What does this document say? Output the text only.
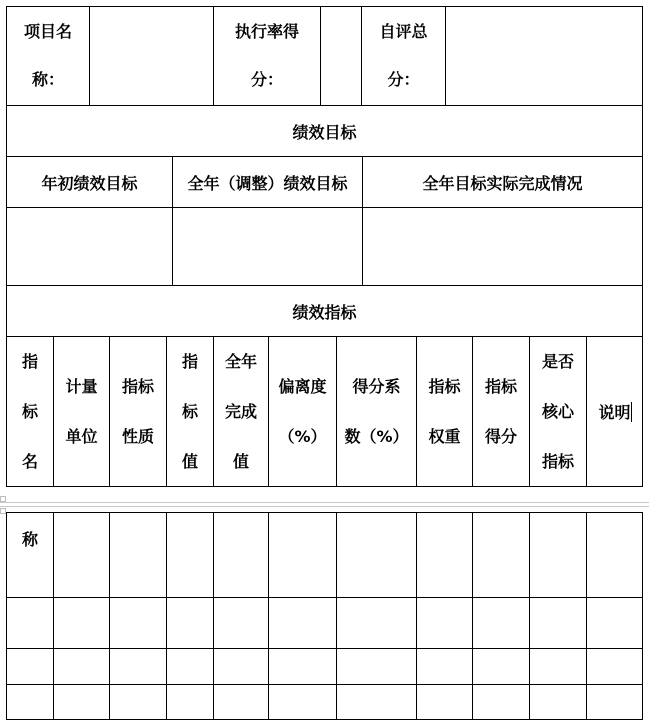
项目名
称：
执行率得
分：
自评总
分：
绩效目标
年初绩效目标	全年（调整）绩效目标	全年目标实际完成情况
绩效指标
指
标
名
计量
单位
指标
性质
指
标
值
全年
完成
值
偏离度
（%）
得分系
数（%）
指标
权重
指标
得分
是否
核心
指标
说明
称
